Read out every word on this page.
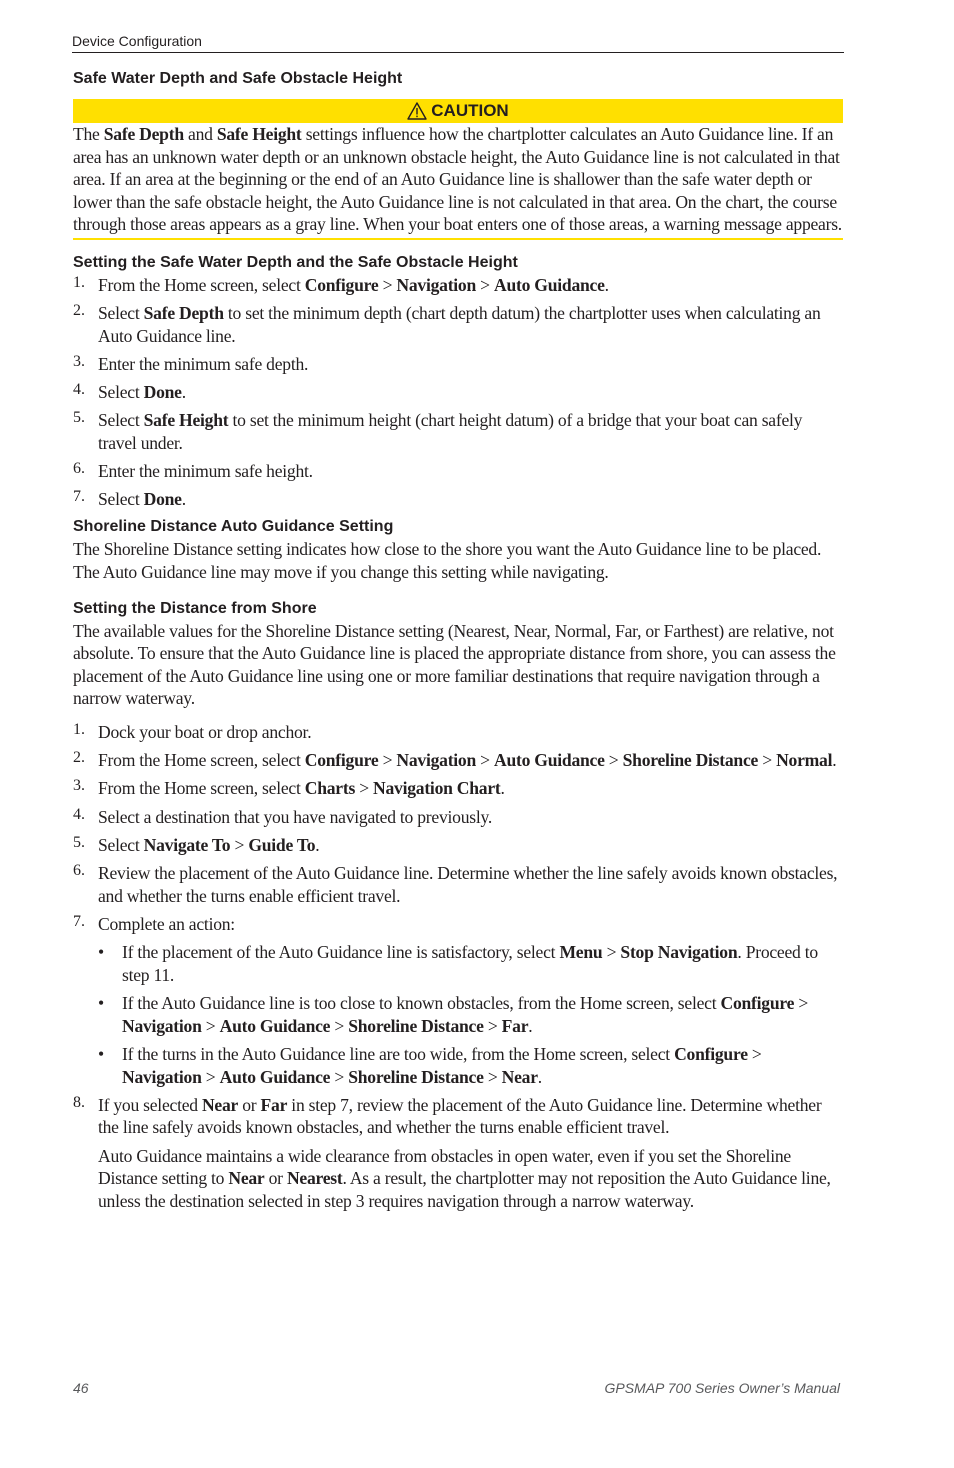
Device Configuration
Safe Water Depth and Safe Obstacle Height
CAUTION

The Safe Depth and Safe Height settings influence how the chartplotter calculates an Auto Guidance line. If an area has an unknown water depth or an unknown obstacle height, the Auto Guidance line is not calculated in that area. If an area at the beginning or the end of an Auto Guidance line is shallower than the safe water depth or lower than the safe obstacle height, the Auto Guidance line is not calculated in that area. On the chart, the course through those areas appears as a gray line. When your boat enters one of those areas, a warning message appears.

Setting the Safe Water Depth and the Safe Obstacle Height
1. From the Home screen, select Configure > Navigation > Auto Guidance.
2. Select Safe Depth to set the minimum depth (chart depth datum) the chartplotter uses when calculating an Auto Guidance line.
3. Enter the minimum safe depth.
4. Select Done.
5. Select Safe Height to set the minimum height (chart height datum) of a bridge that your boat can safely travel under.
6. Enter the minimum safe height.
7. Select Done.
Shoreline Distance Auto Guidance Setting

The Shoreline Distance setting indicates how close to the shore you want the Auto Guidance line to be placed. The Auto Guidance line may move if you change this setting while navigating.

Setting the Distance from Shore

The available values for the Shoreline Distance setting (Nearest, Near, Normal, Far, or Farthest) are relative, not absolute. To ensure that the Auto Guidance line is placed the appropriate distance from shore, you can assess the placement of the Auto Guidance line using one or more familiar destinations that require navigation through a narrow waterway.

1. Dock your boat or drop anchor.
2. From the Home screen, select Configure > Navigation > Auto Guidance > Shoreline Distance > Normal.
3. From the Home screen, select Charts > Navigation Chart.
4. Select a destination that you have navigated to previously.
5. Select Navigate To > Guide To.
6. Review the placement of the Auto Guidance line. Determine whether the line safely avoids known obstacles, and whether the turns enable efficient travel.
7. Complete an action:
•	If the placement of the Auto Guidance line is satisfactory, select Menu > Stop Navigation. Proceed to step 11.
•	If the Auto Guidance line is too close to known obstacles, from the Home screen, select Configure > Navigation > Auto Guidance > Shoreline Distance > Far.
•	If the turns in the Auto Guidance line are too wide, from the Home screen, select Configure > Navigation > Auto Guidance > Shoreline Distance > Near.
8. If you selected Near or Far in step 7, review the placement of the Auto Guidance line. Determine whether the line safely avoids known obstacles, and whether the turns enable efficient travel.

Auto Guidance maintains a wide clearance from obstacles in open water, even if you set the Shoreline Distance setting to Near or Nearest. As a result, the chartplotter may not reposition the Auto Guidance line, unless the destination selected in step 3 requires navigation through a narrow waterway.

46	GPSMAP 700 Series Owner’s Manual
